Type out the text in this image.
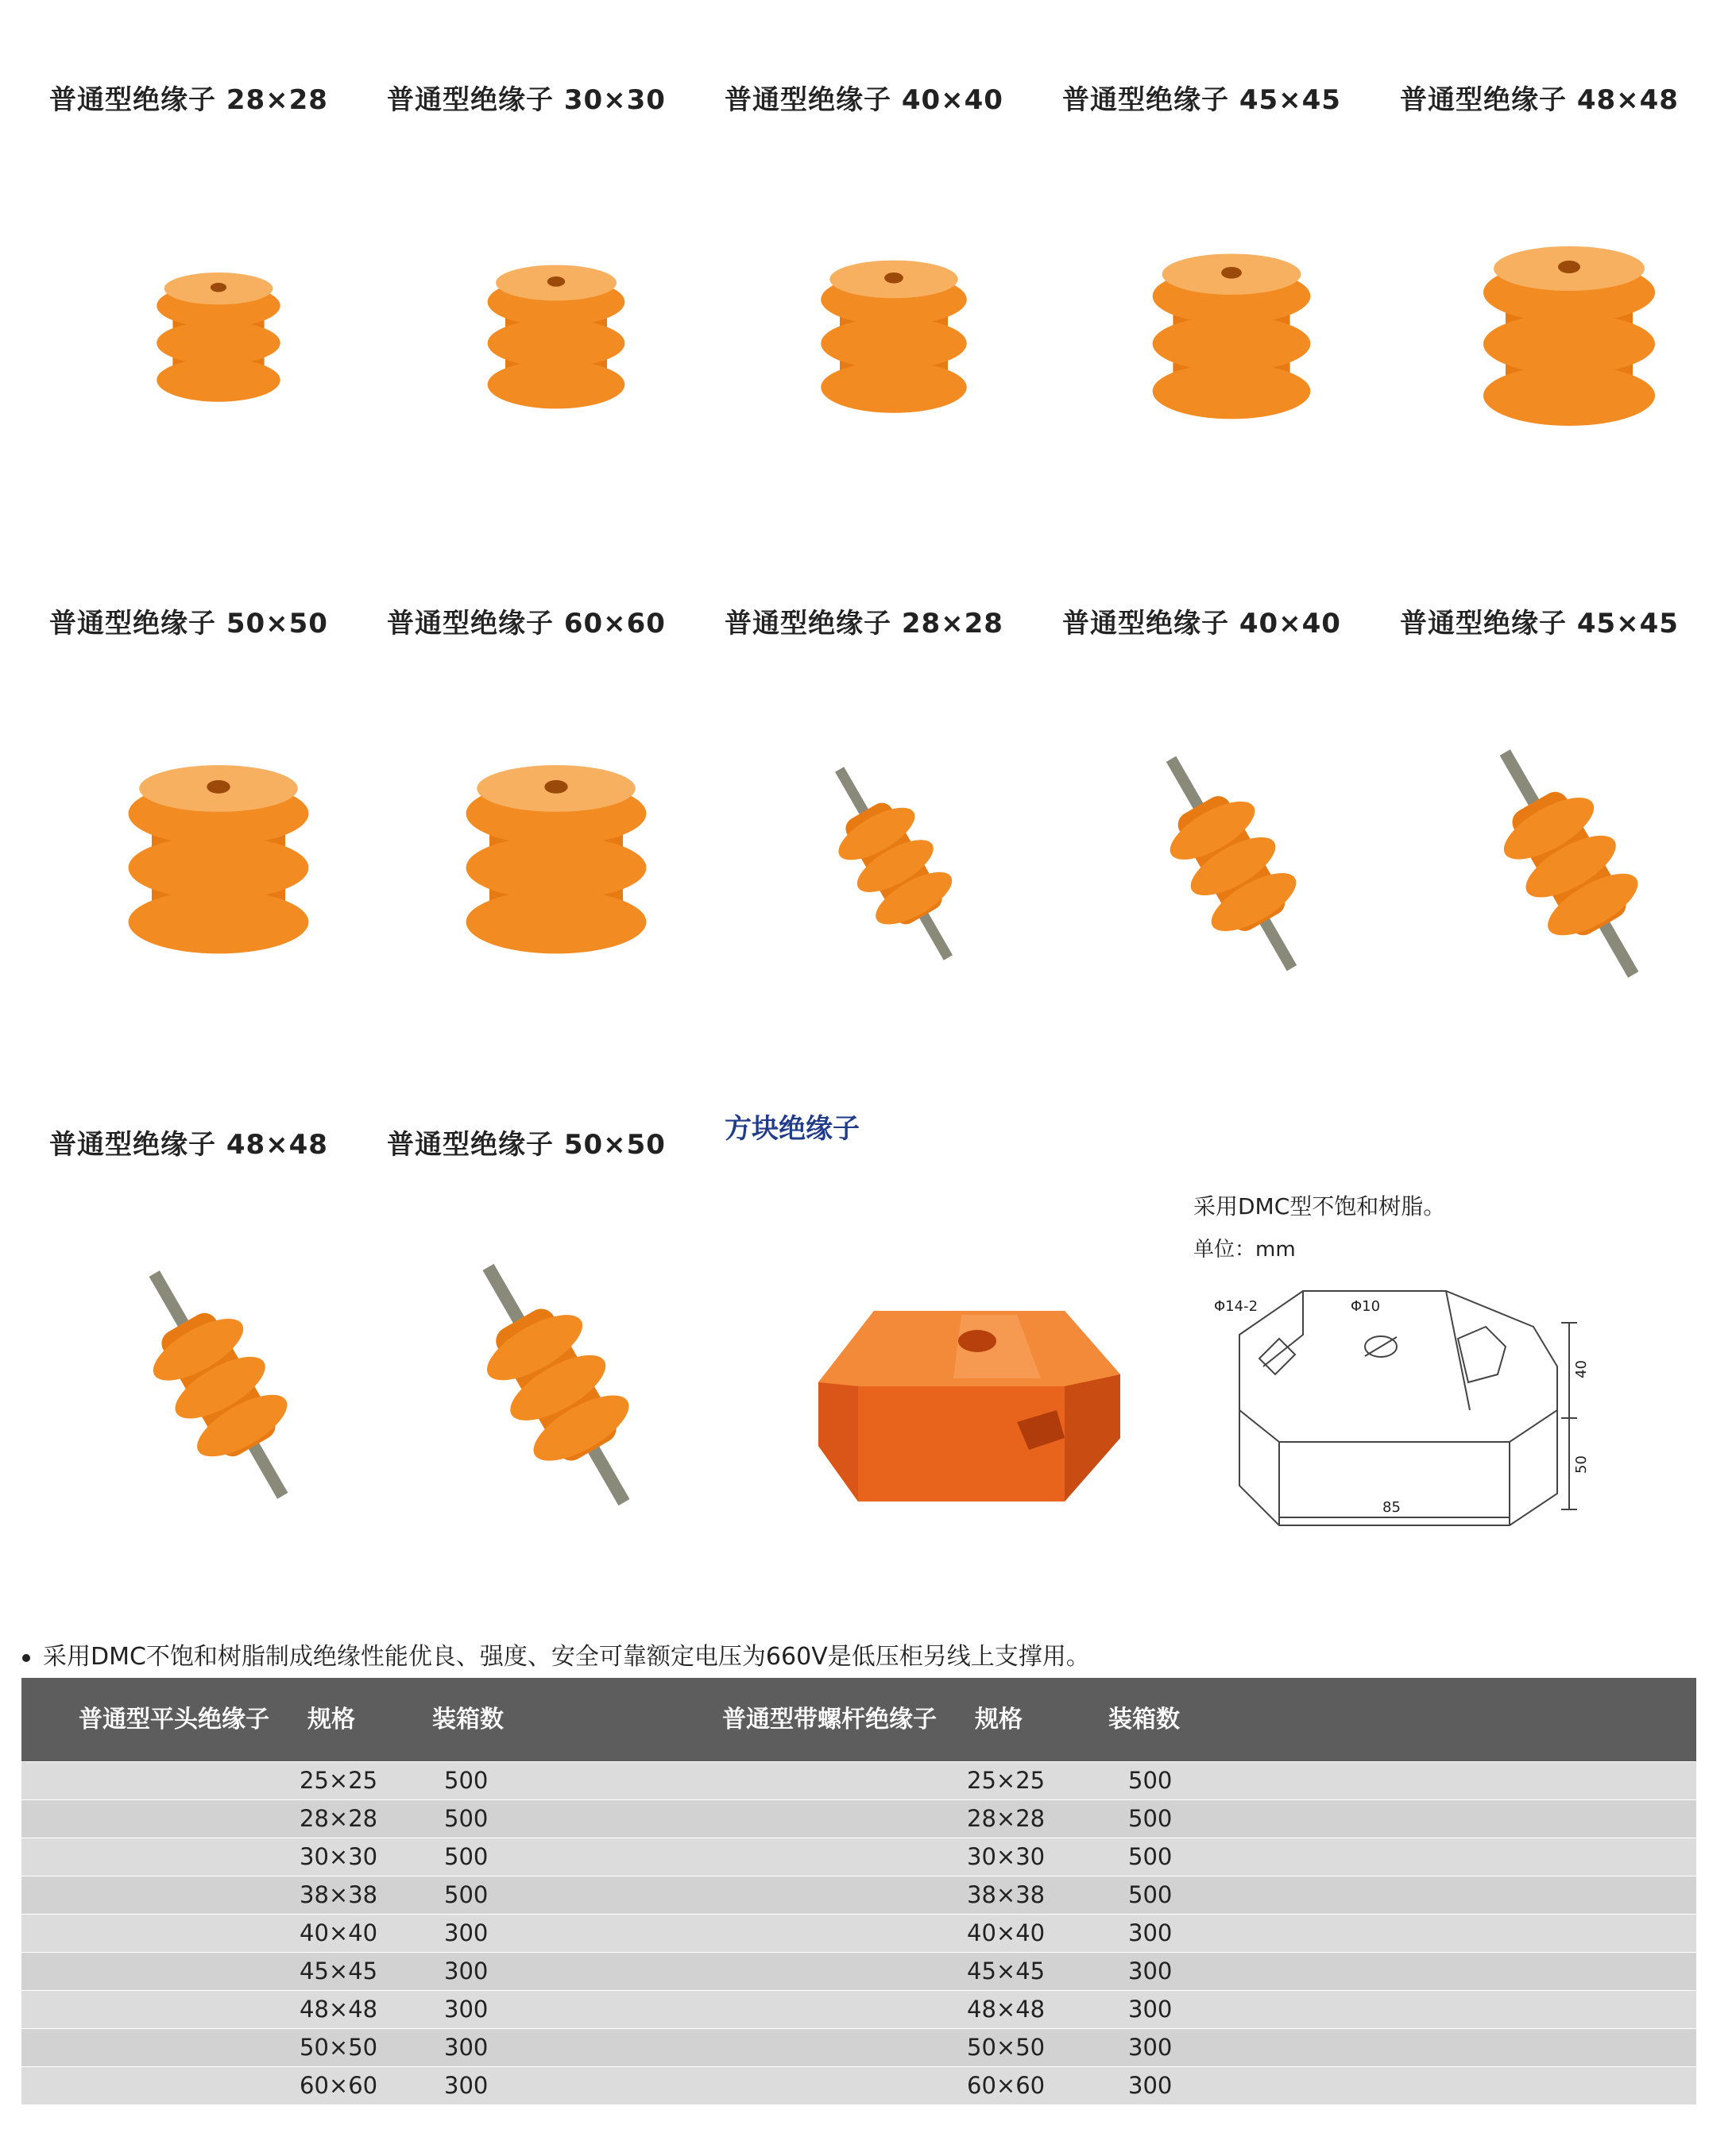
普通型绝缘子 28×28 普通型绝缘子 30×30 普通型绝缘子 40×40 普通型绝缘子 45×45 普通型绝缘子 48×48
普通型绝缘子 50×50 普通型绝缘子 60×60 普通型绝缘子 28×28 普通型绝缘子 40×40 普通型绝缘子 45×45
普通型绝缘子 48×48 普通型绝缘子 50×50 方块绝缘子
采用DMC型不饱和树脂。
单位：mm
Φ14-2	Φ10
40
50
85
采用DMC不饱和树脂制成绝缘性能优良、强度、安全可靠额定电压为660V是低压柜另线上支撑用。
普通型平头绝缘子 规格	装箱数	普通型带螺杆绝缘子 规格	装箱数
25×25	500	25×25	500
28×28	500	28×28	500
30×30	500	30×30	500
38×38	500	38×38	500
40×40	300	40×40	300
45×45	300	45×45	300
48×48	300	48×48	300
50×50	300	50×50	300
60×60	300	60×60	300
